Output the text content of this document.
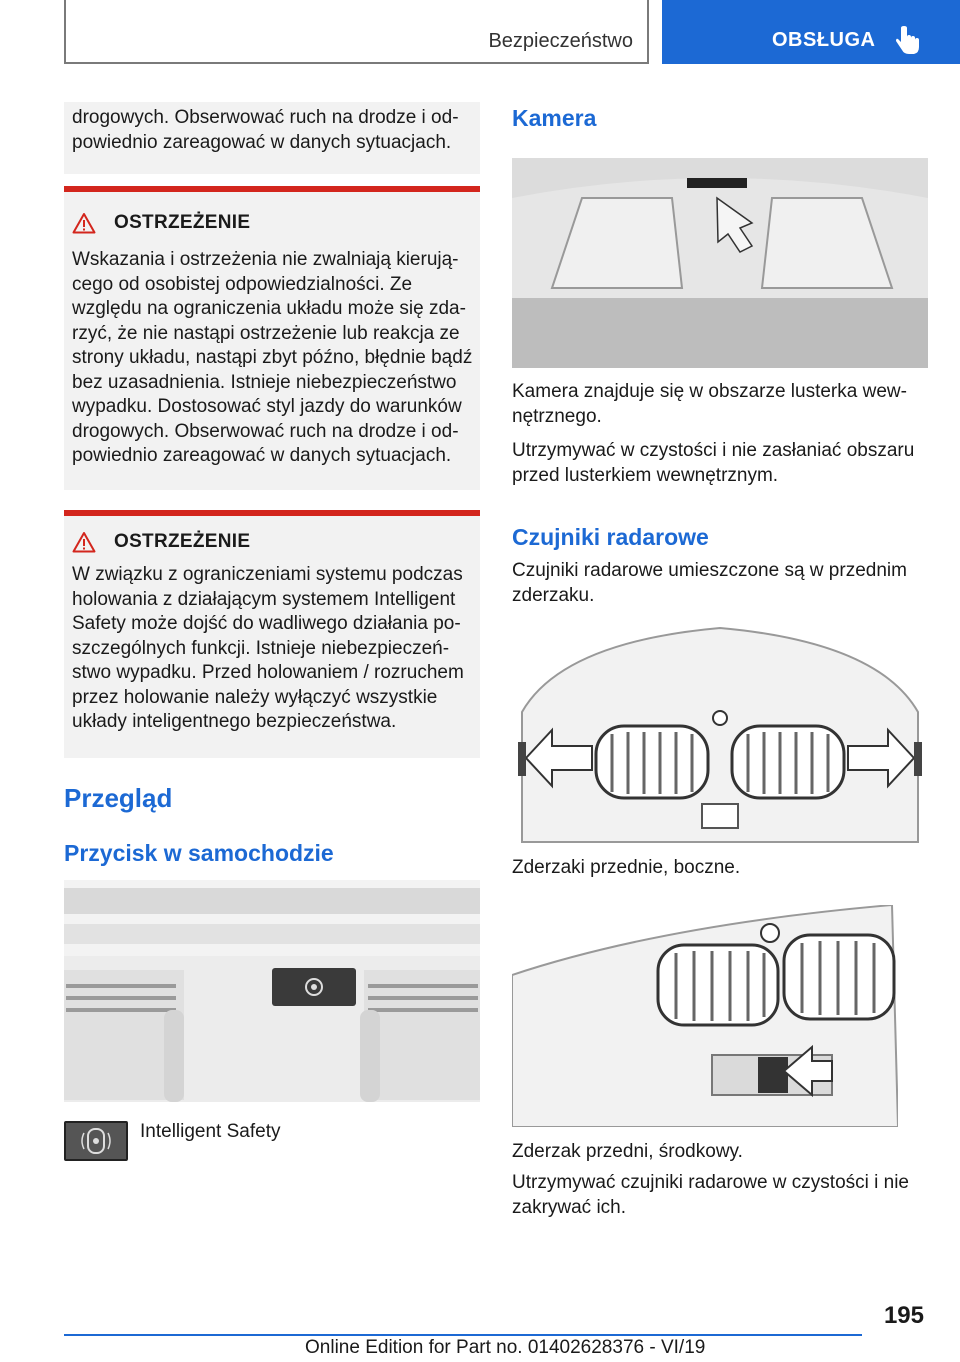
Bezpieczeństwo	OBSŁUGA
drogowych. Obserwować ruch na drodze i od-
powiednio zareagować w danych sytuacjach.
OSTRZEŻENIE
Wskazania i ostrzeżenia nie zwalniają kierują-
cego od osobistej odpowiedzialności. Ze
względu na ograniczenia układu może się zda-
rzyć, że nie nastąpi ostrzeżenie lub reakcja ze
strony układu, nastąpi zbyt późno, błędnie bądź
bez uzasadnienia. Istnieje niebezpieczeństwo
wypadku. Dostosować styl jazdy do warunków
drogowych. Obserwować ruch na drodze i od-
powiednio zareagować w danych sytuacjach.
OSTRZEŻENIE
W związku z ograniczeniami systemu podczas
holowania z działającym systemem Intelligent
Safety może dojść do wadliwego działania po-
szczególnych funkcji. Istnieje niebezpieczeń-
stwo wypadku. Przed holowaniem / rozruchem
przez holowanie należy wyłączyć wszystkie
układy inteligentnego bezpieczeństwa.
Przegląd
Przycisk w samochodzie
Intelligent Safety
Kamera
Kamera znajduje się w obszarze lusterka wew-
nętrznego.
Utrzymywać w czystości i nie zasłaniać obszaru
przed lusterkiem wewnętrznym.
Czujniki radarowe
Czujniki radarowe umieszczone są w przednim
zderzaku.
Zderzaki przednie, boczne.
Zderzak przedni, środkowy.
Utrzymywać czujniki radarowe w czystości i nie
zakrywać ich.
195
Online Edition for Part no. 01402628376 - VI/19
